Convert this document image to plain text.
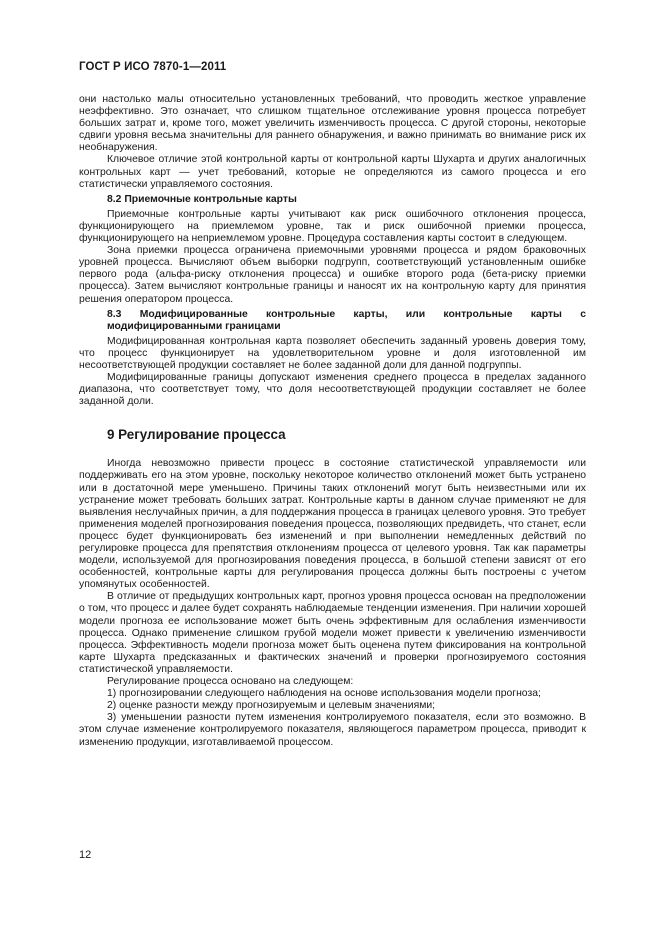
ГОСТ Р ИСО 7870-1—2011

они настолько малы относительно установленных требований, что проводить жесткое управление неэффективно. Это означает, что слишком тщательное отслеживание уровня процесса потребует больших затрат и, кроме того, может увеличить изменчивость процесса. С другой стороны, некоторые сдвиги уровня весьма значительны для раннего обнаружения, и важно принимать во внимание риск их необнаружения.

Ключевое отличие этой контрольной карты от контрольной карты Шухарта и других аналогичных контрольных карт — учет требований, которые не определяются из самого процесса и его статистически управляемого состояния.

8.2 Приемочные контрольные карты

Приемочные контрольные карты учитывают как риск ошибочного отклонения процесса, функционирующего на приемлемом уровне, так и риск ошибочной приемки процесса, функционирующего на неприемлемом уровне. Процедура составления карты состоит в следующем.

Зона приемки процесса ограничена приемочными уровнями процесса и рядом браковочных уровней процесса. Вычисляют объем выборки подгрупп, соответствующий установленным ошибке первого рода (альфа-риску отклонения процесса) и ошибке второго рода (бета-риску приемки процесса). Затем вычисляют контрольные границы и наносят их на контрольную карту для принятия решения оператором процесса.

8.3 Модифицированные контрольные карты, или контрольные карты с модифицированными границами

Модифицированная контрольная карта позволяет обеспечить заданный уровень доверия тому, что процесс функционирует на удовлетворительном уровне и доля изготовленной им несоответствующей продукции составляет не более заданной доли для данной подгруппы.

Модифицированные границы допускают изменения среднего процесса в пределах заданного диапазона, что соответствует тому, что доля несоответствующей продукции составляет не более заданной доли.

9 Регулирование процесса

Иногда невозможно привести процесс в состояние статистической управляемости или поддерживать его на этом уровне, поскольку некоторое количество отклонений может быть устранено или в достаточной мере уменьшено. Причины таких отклонений могут быть неизвестными или их устранение может требовать больших затрат. Контрольные карты в данном случае применяют не для выявления неслучайных причин, а для поддержания процесса в границах целевого уровня. Это требует применения моделей прогнозирования поведения процесса, позволяющих предвидеть, что станет, если процесс будет функционировать без изменений и при выполнении немедленных действий по регулировке процесса для препятствия отклонениям процесса от целевого уровня. Так как параметры модели, используемой для прогнозирования поведения процесса, в большой степени зависят от его особенностей, контрольные карты для регулирования процесса должны быть построены с учетом упомянутых особенностей.

В отличие от предыдущих контрольных карт, прогноз уровня процесса основан на предположении о том, что процесс и далее будет сохранять наблюдаемые тенденции изменения. При наличии хорошей модели прогноза ее использование может быть очень эффективным для ослабления изменчивости процесса. Однако применение слишком грубой модели может привести к увеличению изменчивости процесса. Эффективность модели прогноза может быть оценена путем фиксирования на контрольной карте Шухарта предсказанных и фактических значений и проверки прогнозируемого состояния статистической управляемости.

Регулирование процесса основано на следующем:

1) прогнозировании следующего наблюдения на основе использования модели прогноза;

2) оценке разности между прогнозируемым и целевым значениями;

3) уменьшении разности путем изменения контролируемого показателя, если это возможно. В этом случае изменение контролируемого показателя, являющегося параметром процесса, приводит к изменению продукции, изготавливаемой процессом.

12
